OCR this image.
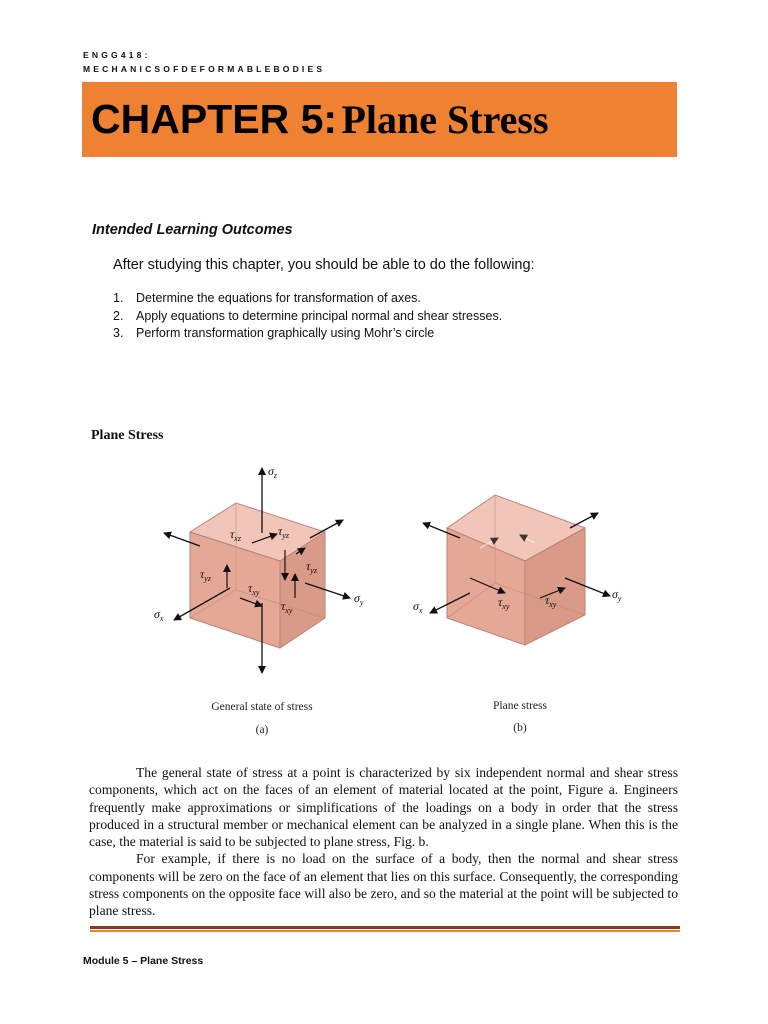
ENGG418:
MECHANICSOFDEFORMABLEBODIES
CHAPTER 5: Plane Stress
Intended Learning Outcomes
After studying this chapter, you should be able to do the following:
1. Determine the equations for transformation of axes.
2. Apply equations to determine principal normal and shear stresses.
3. Perform transformation graphically using Mohr’s circle
Plane Stress
$\sigma_z$
$\sigma_x$
$\sigma_y$
$\tau_{xz}$
$\tau_{yz}$
$\tau_{yz}$
$\tau_{yz}$
$\tau_{xy}$
$\tau_{xy}$
General state of stress
(a)
$\sigma_x$
$\sigma_y$
$\tau_{xy}$	$\tau_{xy}$
Plane stress
(b)

The general state of stress at a point is characterized by six independent normal and shear stress components, which act on the faces of an element of material located at the point, Figure a. Engineers frequently make approximations or simplifications of the loadings on a body in order that the stress produced in a structural member or mechanical element can be analyzed in a single plane. When this is the case, the material is said to be subjected to plane stress, Fig. b.

For example, if there is no load on the surface of a body, then the normal and shear stress components will be zero on the face of an element that lies on this surface. Consequently, the corresponding stress components on the opposite face will also be zero, and so the material at the point will be subjected to plane stress.

Module 5 – Plane Stress
